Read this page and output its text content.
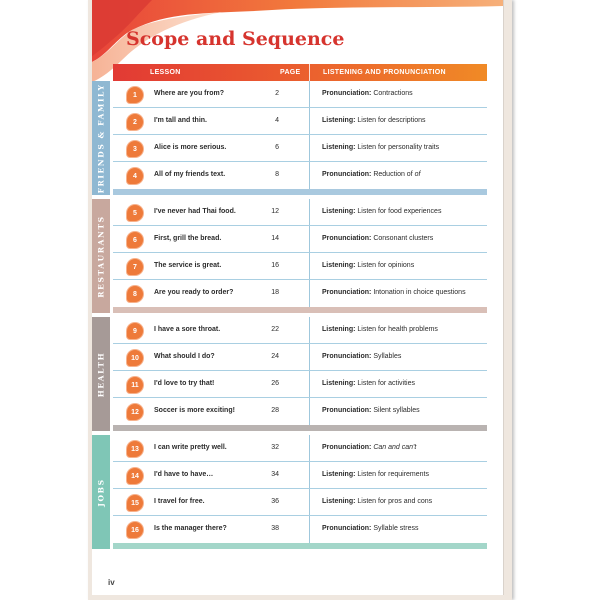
Scope and Sequence
LESSON	PAGE	LISTENING AND PRONUNCIATION
FRIENDS & FAMILY	1	Where are you from?	2	Pronunciation: Contractions
2	I'm tall and thin.	4	Listening: Listen for descriptions
3	Alice is more serious.	6	Listening: Listen for personality traits
4	All of my friends text.	8	Pronunciation: Reduction of of
RESTAURANTS
5	I've never had Thai food.	12	Listening: Listen for food experiences
6	First, grill the bread.	14	Pronunciation: Consonant clusters
7	The service is great.	16	Listening: Listen for opinions
8	Are you ready to order?	18	Pronunciation: Intonation in choice questions
HEALTH
9	I have a sore throat.	22	Listening: Listen for health problems
10	What should I do?	24	Pronunciation: Syllables
11	I'd love to try that!	26	Listening: Listen for activities
12	Soccer is more exciting!	28	Pronunciation: Silent syllables
JOBS
13	I can write pretty well.	32	Pronunciation: Can and can't
14	I'd have to have…	34	Listening: Listen for requirements
15	I travel for free.	36	Listening: Listen for pros and cons
16	Is the manager there?	38	Pronunciation: Syllable stress
iv
